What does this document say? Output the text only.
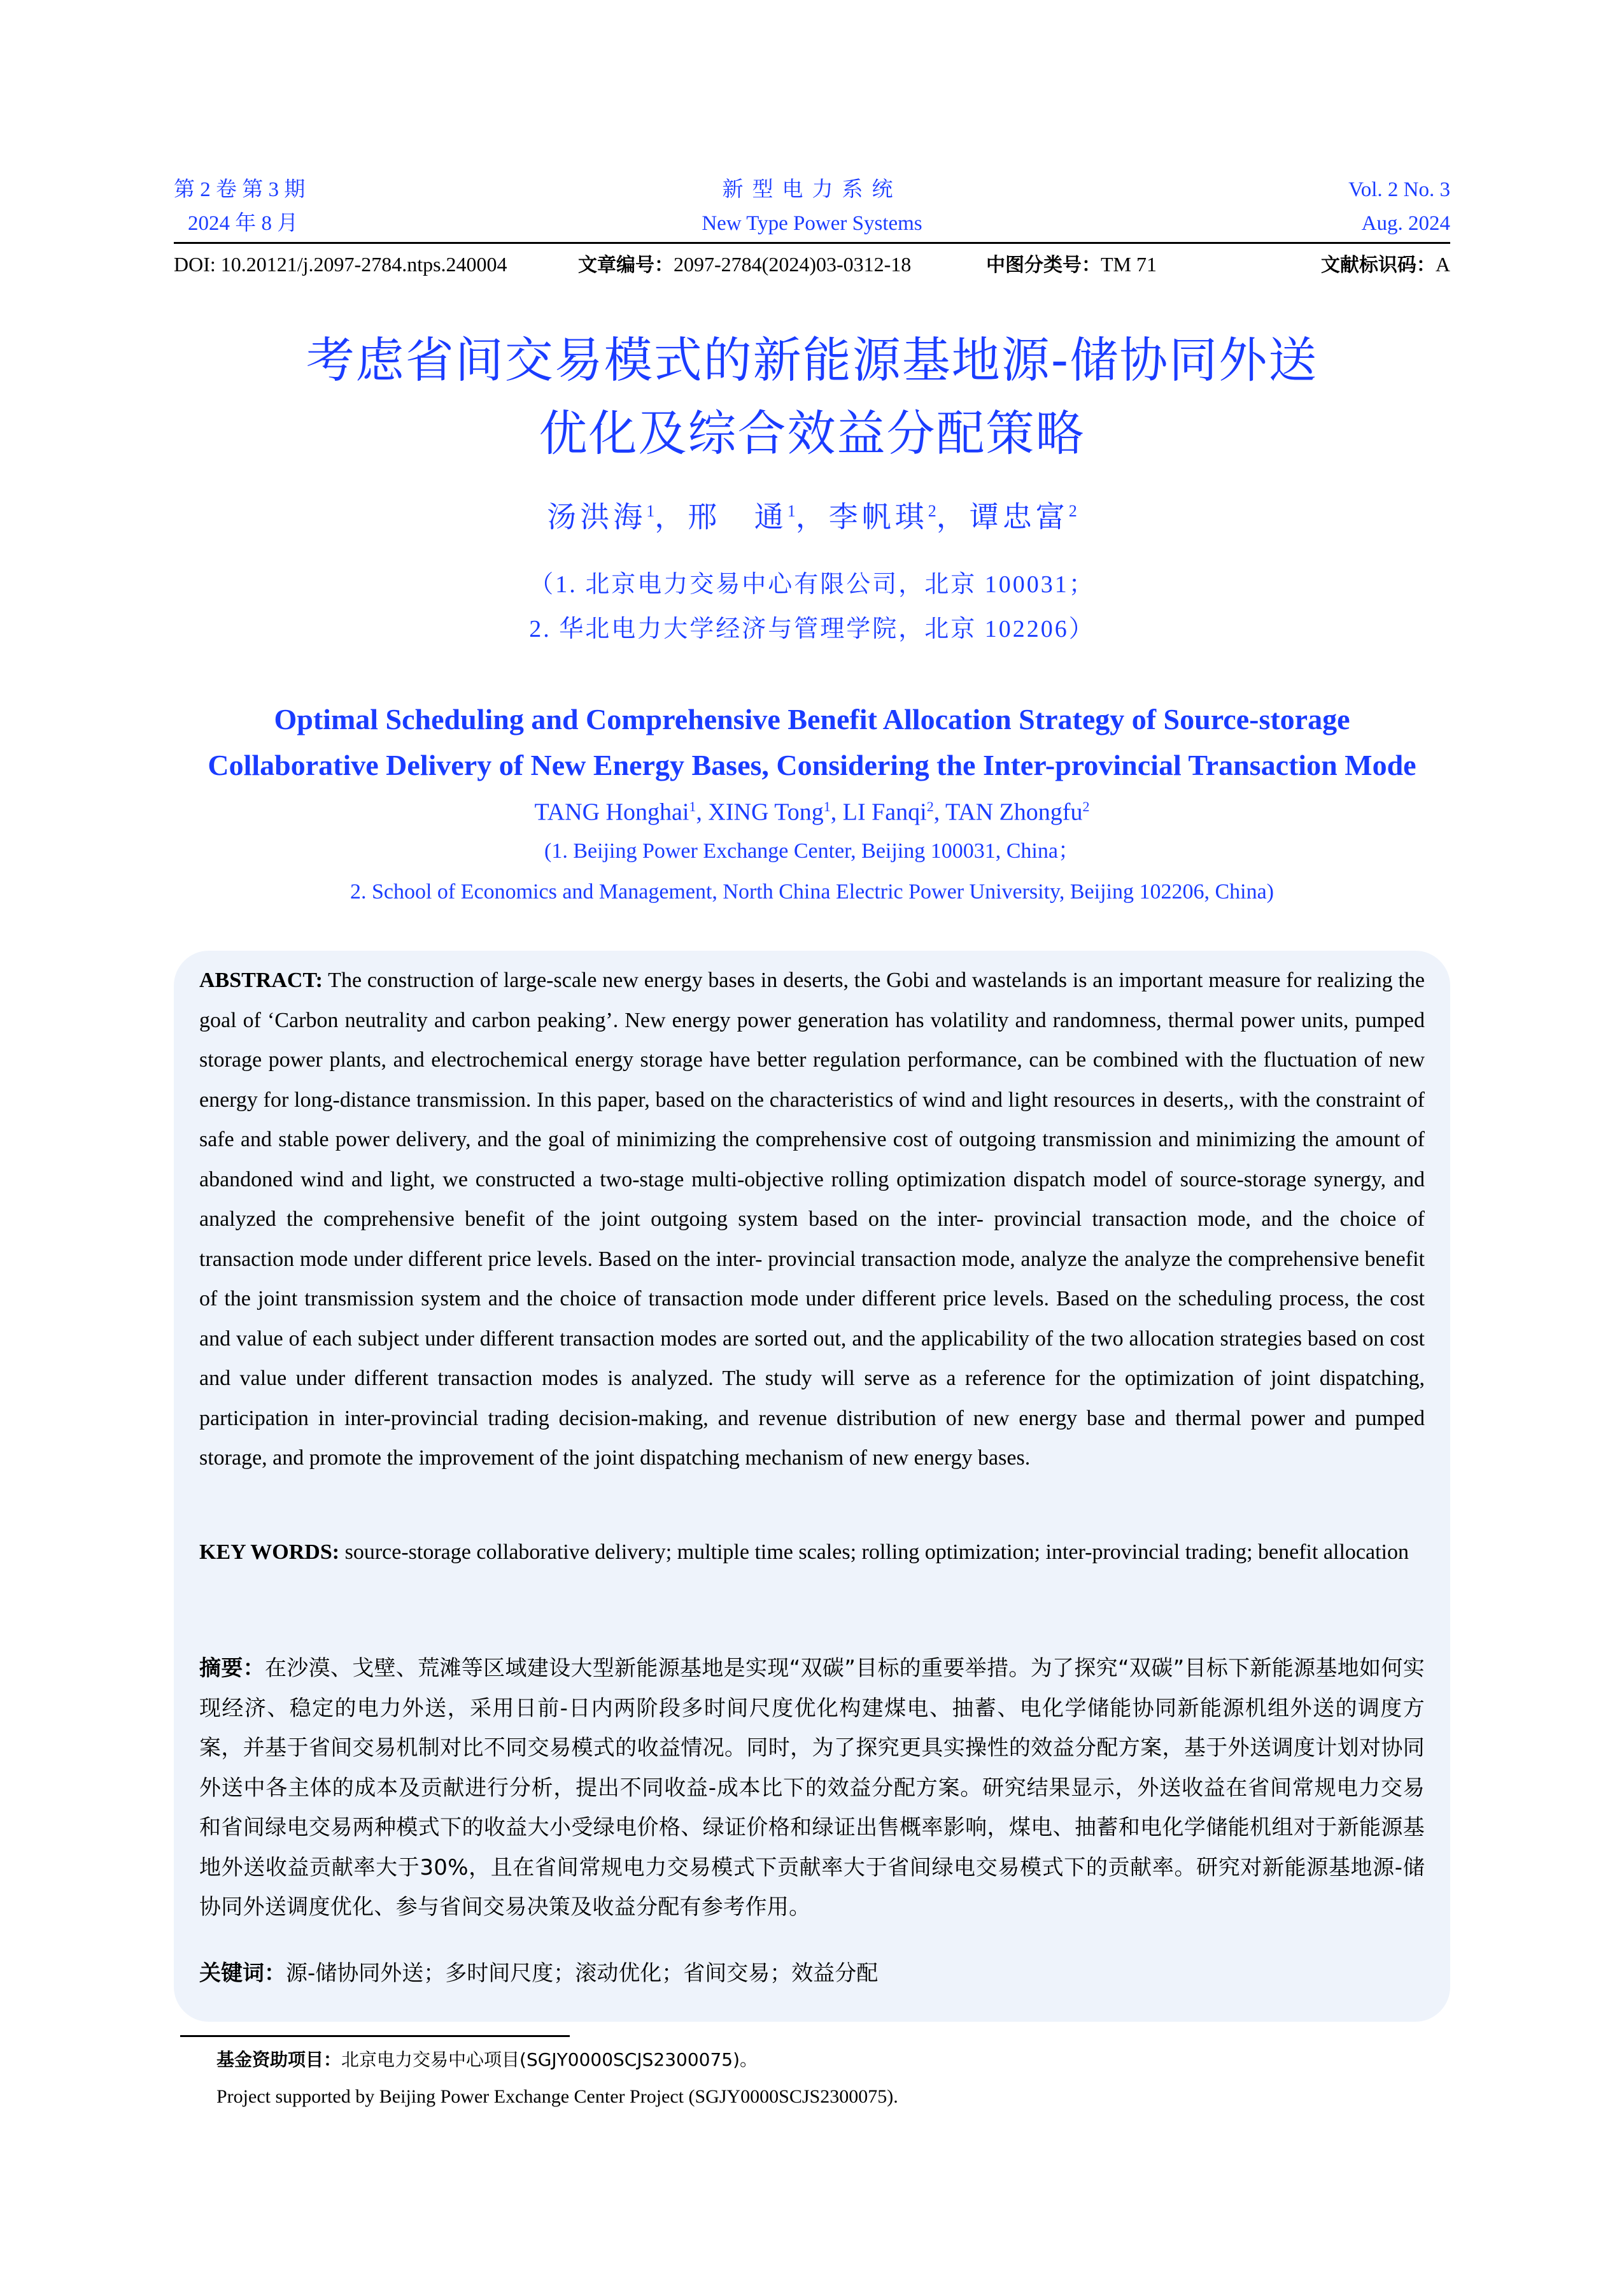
第 2 卷 第 3 期
2024 年 8 月
新型电力系统
New Type Power Systems
Vol. 2 No. 3
Aug. 2024
DOI: 10.20121/j.2097-2784.ntps.240004	文章编号：2097-2784(2024)03-0312-18	中图分类号：TM 71	文献标识码：A
考虑省间交易模式的新能源基地源-储协同外送
优化及综合效益分配策略
汤洪海$^1$，邢   通$^1$，李帆琪$^2$，谭忠富$^2$
（1. 北京电力交易中心有限公司，北京 100031；
2. 华北电力大学经济与管理学院，北京 102206）
Optimal Scheduling and Comprehensive Benefit Allocation Strategy of Source-storage
Collaborative Delivery of New Energy Bases, Considering the Inter-provincial Transaction Mode
TANG Honghai$^1$, XING Tong$^1$, LI Fanqi$^2$, TAN Zhongfu$^2$
(1. Beijing Power Exchange Center, Beijing 100031, China；
2. School of Economics and Management, North China Electric Power University, Beijing 102206, China)
ABSTRACT: The construction of large-scale new energy bases in deserts, the Gobi and wastelands is an important measure for realizing the goal of ‘Carbon neutrality and carbon peaking’. New energy power generation has volatility and randomness, thermal power units, pumped storage power plants, and electrochemical energy storage have better regulation performance, can be combined with the fluctuation of new energy for long-distance transmission. In this paper, based on the characteristics of wind and light resources in deserts,, with the constraint of safe and stable power delivery, and the goal of minimizing the comprehensive cost of outgoing transmission and minimizing the amount of abandoned wind and light, we constructed a two-stage multi-objective rolling optimization dispatch model of source-storage synergy, and analyzed the comprehensive benefit of the joint outgoing system based on the inter- provincial transaction mode, and the choice of transaction mode under different price levels. Based on the inter- provincial transaction mode, analyze the analyze the comprehensive benefit of the joint transmission system and the choice of transaction mode under different price levels. Based on the scheduling process, the cost and value of each subject under different transaction modes are sorted out, and the applicability of the two allocation strategies based on cost and value under different transaction modes is analyzed. The study will serve as a reference for the optimization of joint dispatching, participation in inter-provincial trading decision-making, and revenue distribution of new energy base and thermal power and pumped storage, and promote the improvement of the joint dispatching mechanism of new energy bases.
KEY WORDS: source-storage collaborative delivery; multiple time scales; rolling optimization; inter-provincial trading; benefit allocation
摘要：在沙漠、戈壁、荒滩等区域建设大型新能源基地是实现“双碳”目标的重要举措。为了探究“双碳”目标下新能源基地如何实现经济、稳定的电力外送，采用日前-日内两阶段多时间尺度优化构建煤电、抽蓄、电化学储能协同新能源机组外送的调度方案，并基于省间交易机制对比不同交易模式的收益情况。同时，为了探究更具实操性的效益分配方案，基于外送调度计划对协同外送中各主体的成本及贡献进行分析，提出不同收益-成本比下的效益分配方案。研究结果显示，外送收益在省间常规电力交易和省间绿电交易两种模式下的收益大小受绿电价格、绿证价格和绿证出售概率影响，煤电、抽蓄和电化学储能机组对于新能源基地外送收益贡献率大于30%，且在省间常规电力交易模式下贡献率大于省间绿电交易模式下的贡献率。研究对新能源基地源-储协同外送调度优化、参与省间交易决策及收益分配有参考作用。
关键词：源-储协同外送；多时间尺度；滚动优化；省间交易；效益分配
基金资助项目：北京电力交易中心项目(SGJY0000SCJS2300075)。
Project supported by Beijing Power Exchange Center Project (SGJY0000SCJS2300075).
